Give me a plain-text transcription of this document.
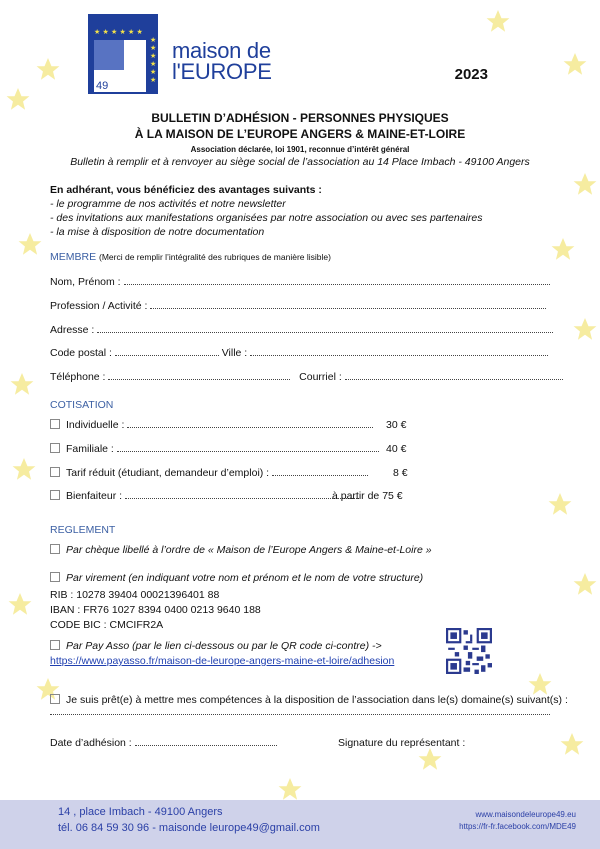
★ ★ ★ ★ ★ ★
★
★
★
★
★
★
49
maison de
l'EUROPE	2023
BULLETIN D’ADHÉSION - PERSONNES PHYSIQUES
À LA MAISON DE L’EUROPE ANGERS & MAINE-ET-LOIRE
Association déclarée, loi 1901, reconnue d’intérêt général
Bulletin à remplir et à renvoyer au siège social de l’association au 14 Place Imbach - 49100 Angers
En adhérant, vous bénéficiez des avantages suivants :
- le programme de nos activités et notre newsletter
- des invitations aux manifestations organisées par notre association ou avec ses partenaires
- la mise à disposition de notre documentation
MEMBRE (Merci de remplir l’intégralité des rubriques de manière lisible)
Nom, Prénom :
Profession / Activité :
Adresse :
Code postal :	Ville :
Téléphone :	Courriel :
COTISATION
Individuelle :	30 €
Familiale :	40 €
Tarif réduit (étudiant, demandeur d’emploi) :	8 €
Bienfaiteur :	à partir de 75 €
REGLEMENT
Par chèque libellé à l’ordre de « Maison de l’Europe Angers & Maine-et-Loire »
Par virement (en indiquant votre nom et prénom et le nom de votre structure)
RIB : 10278 39404 00021396401 88
IBAN : FR76 1027 8394 0400 0213 9640 188
CODE BIC : CMCIFR2A
Par Pay Asso (par le lien ci-dessous ou par le QR code ci-contre) ->
https://www.payasso.fr/maison-de-leurope-angers-maine-et-loire/adhesion
Je suis prêt(e) à mettre mes compétences à la disposition de l’association dans le(s) domaine(s) suivant(s) :
Date d’adhésion :	Signature du représentant :
14 , place Imbach - 49100 Angers
tél. 06 84 59 30 96 - maisonde leurope49@gmail.com
www.maisondeleurope49.eu
https://fr-fr.facebook.com/MDE49
